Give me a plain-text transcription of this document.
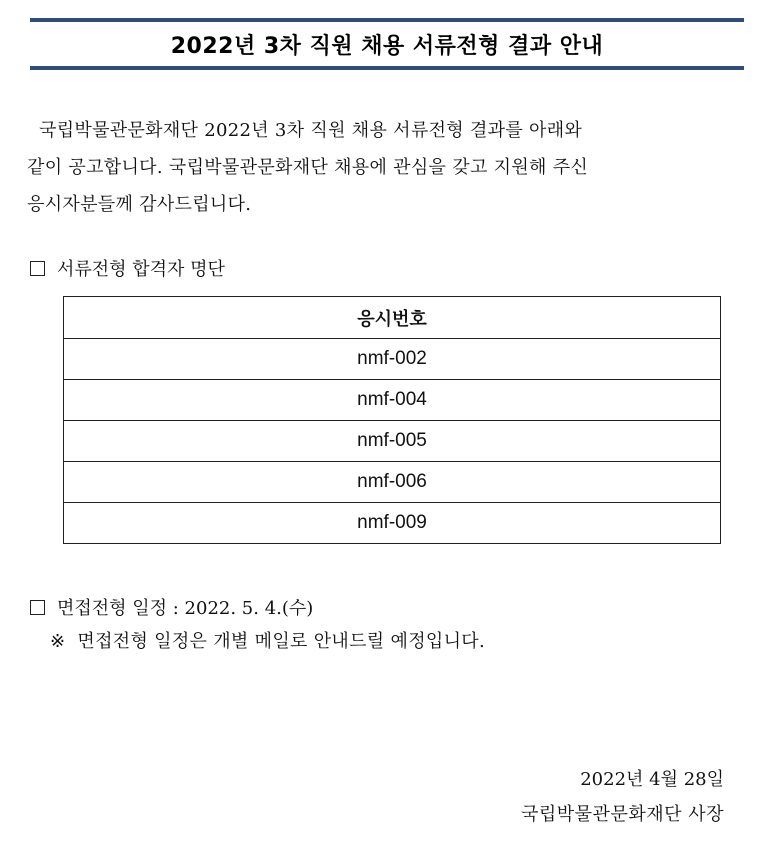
2022년 3차 직원 채용 서류전형 결과 안내
국립박물관문화재단 2022년 3차 직원 채용 서류전형 결과를 아래와
같이 공고합니다. 국립박물관문화재단 채용에 관심을 갖고 지원해 주신
응시자분들께 감사드립니다.
서류전형 합격자 명단
응시번호
nmf-002
nmf-004
nmf-005
nmf-006
nmf-009
면접전형 일정 : 2022. 5. 4.(수)
※ 면접전형 일정은 개별 메일로 안내드릴 예정입니다.
2022년 4월 28일
국립박물관문화재단 사장
